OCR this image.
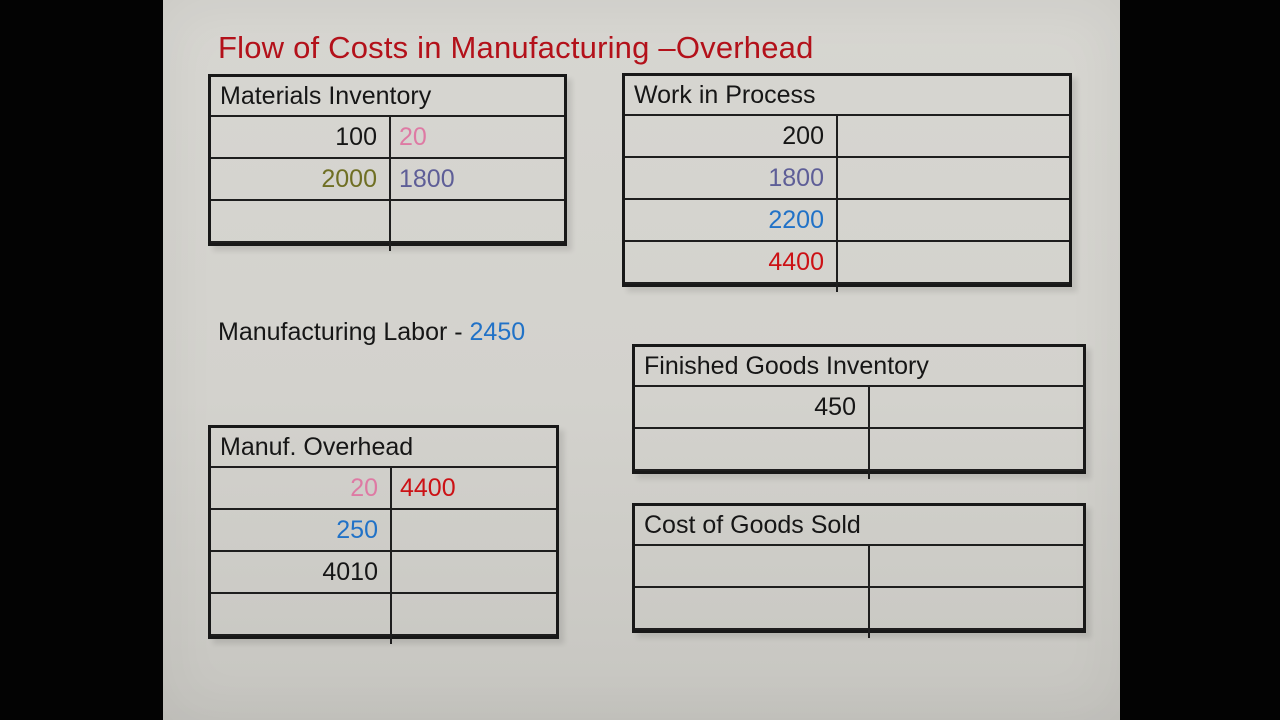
Flow of Costs in Manufacturing –Overhead
Materials Inventory
100 20
2000 1800
Work in Process
200
1800
2200
4400
Manufacturing Labor - 2450
Manuf. Overhead
20 4400
250
4010
Finished Goods Inventory
450
Cost of Goods Sold
